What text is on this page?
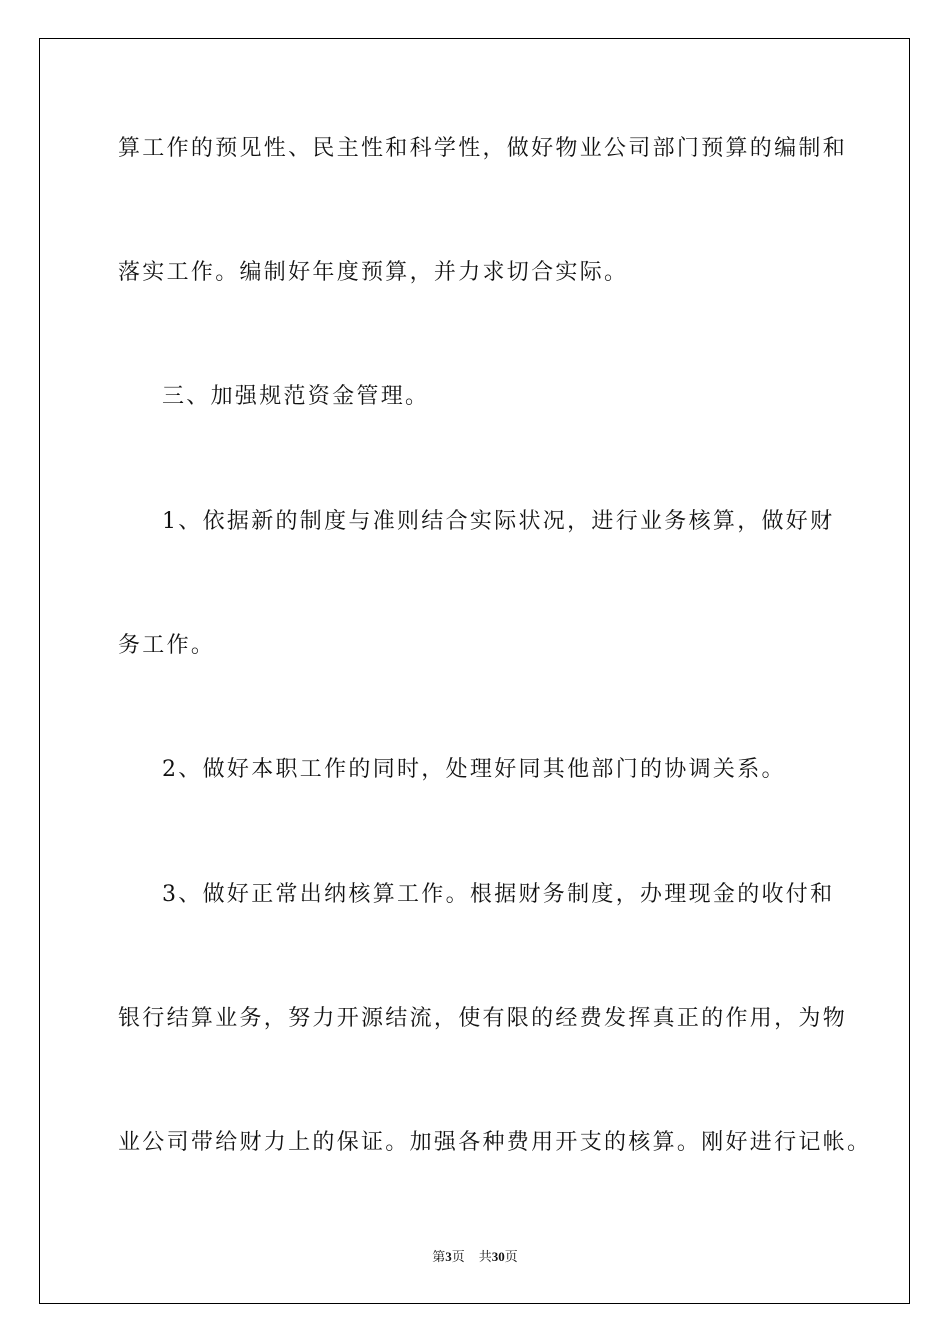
算工作的预见性、民主性和科学性，做好物业公司部门预算的编制和
落实工作。编制好年度预算，并力求切合实际。
三、加强规范资金管理。
1、依据新的制度与准则结合实际状况，进行业务核算，做好财
务工作。
2、做好本职工作的同时，处理好同其他部门的协调关系。
3、做好正常出纳核算工作。根据财务制度，办理现金的收付和
银行结算业务，努力开源结流，使有限的经费发挥真正的作用，为物
业公司带给财力上的保证。加强各种费用开支的核算。刚好进行记帐。
第3页 共30页
